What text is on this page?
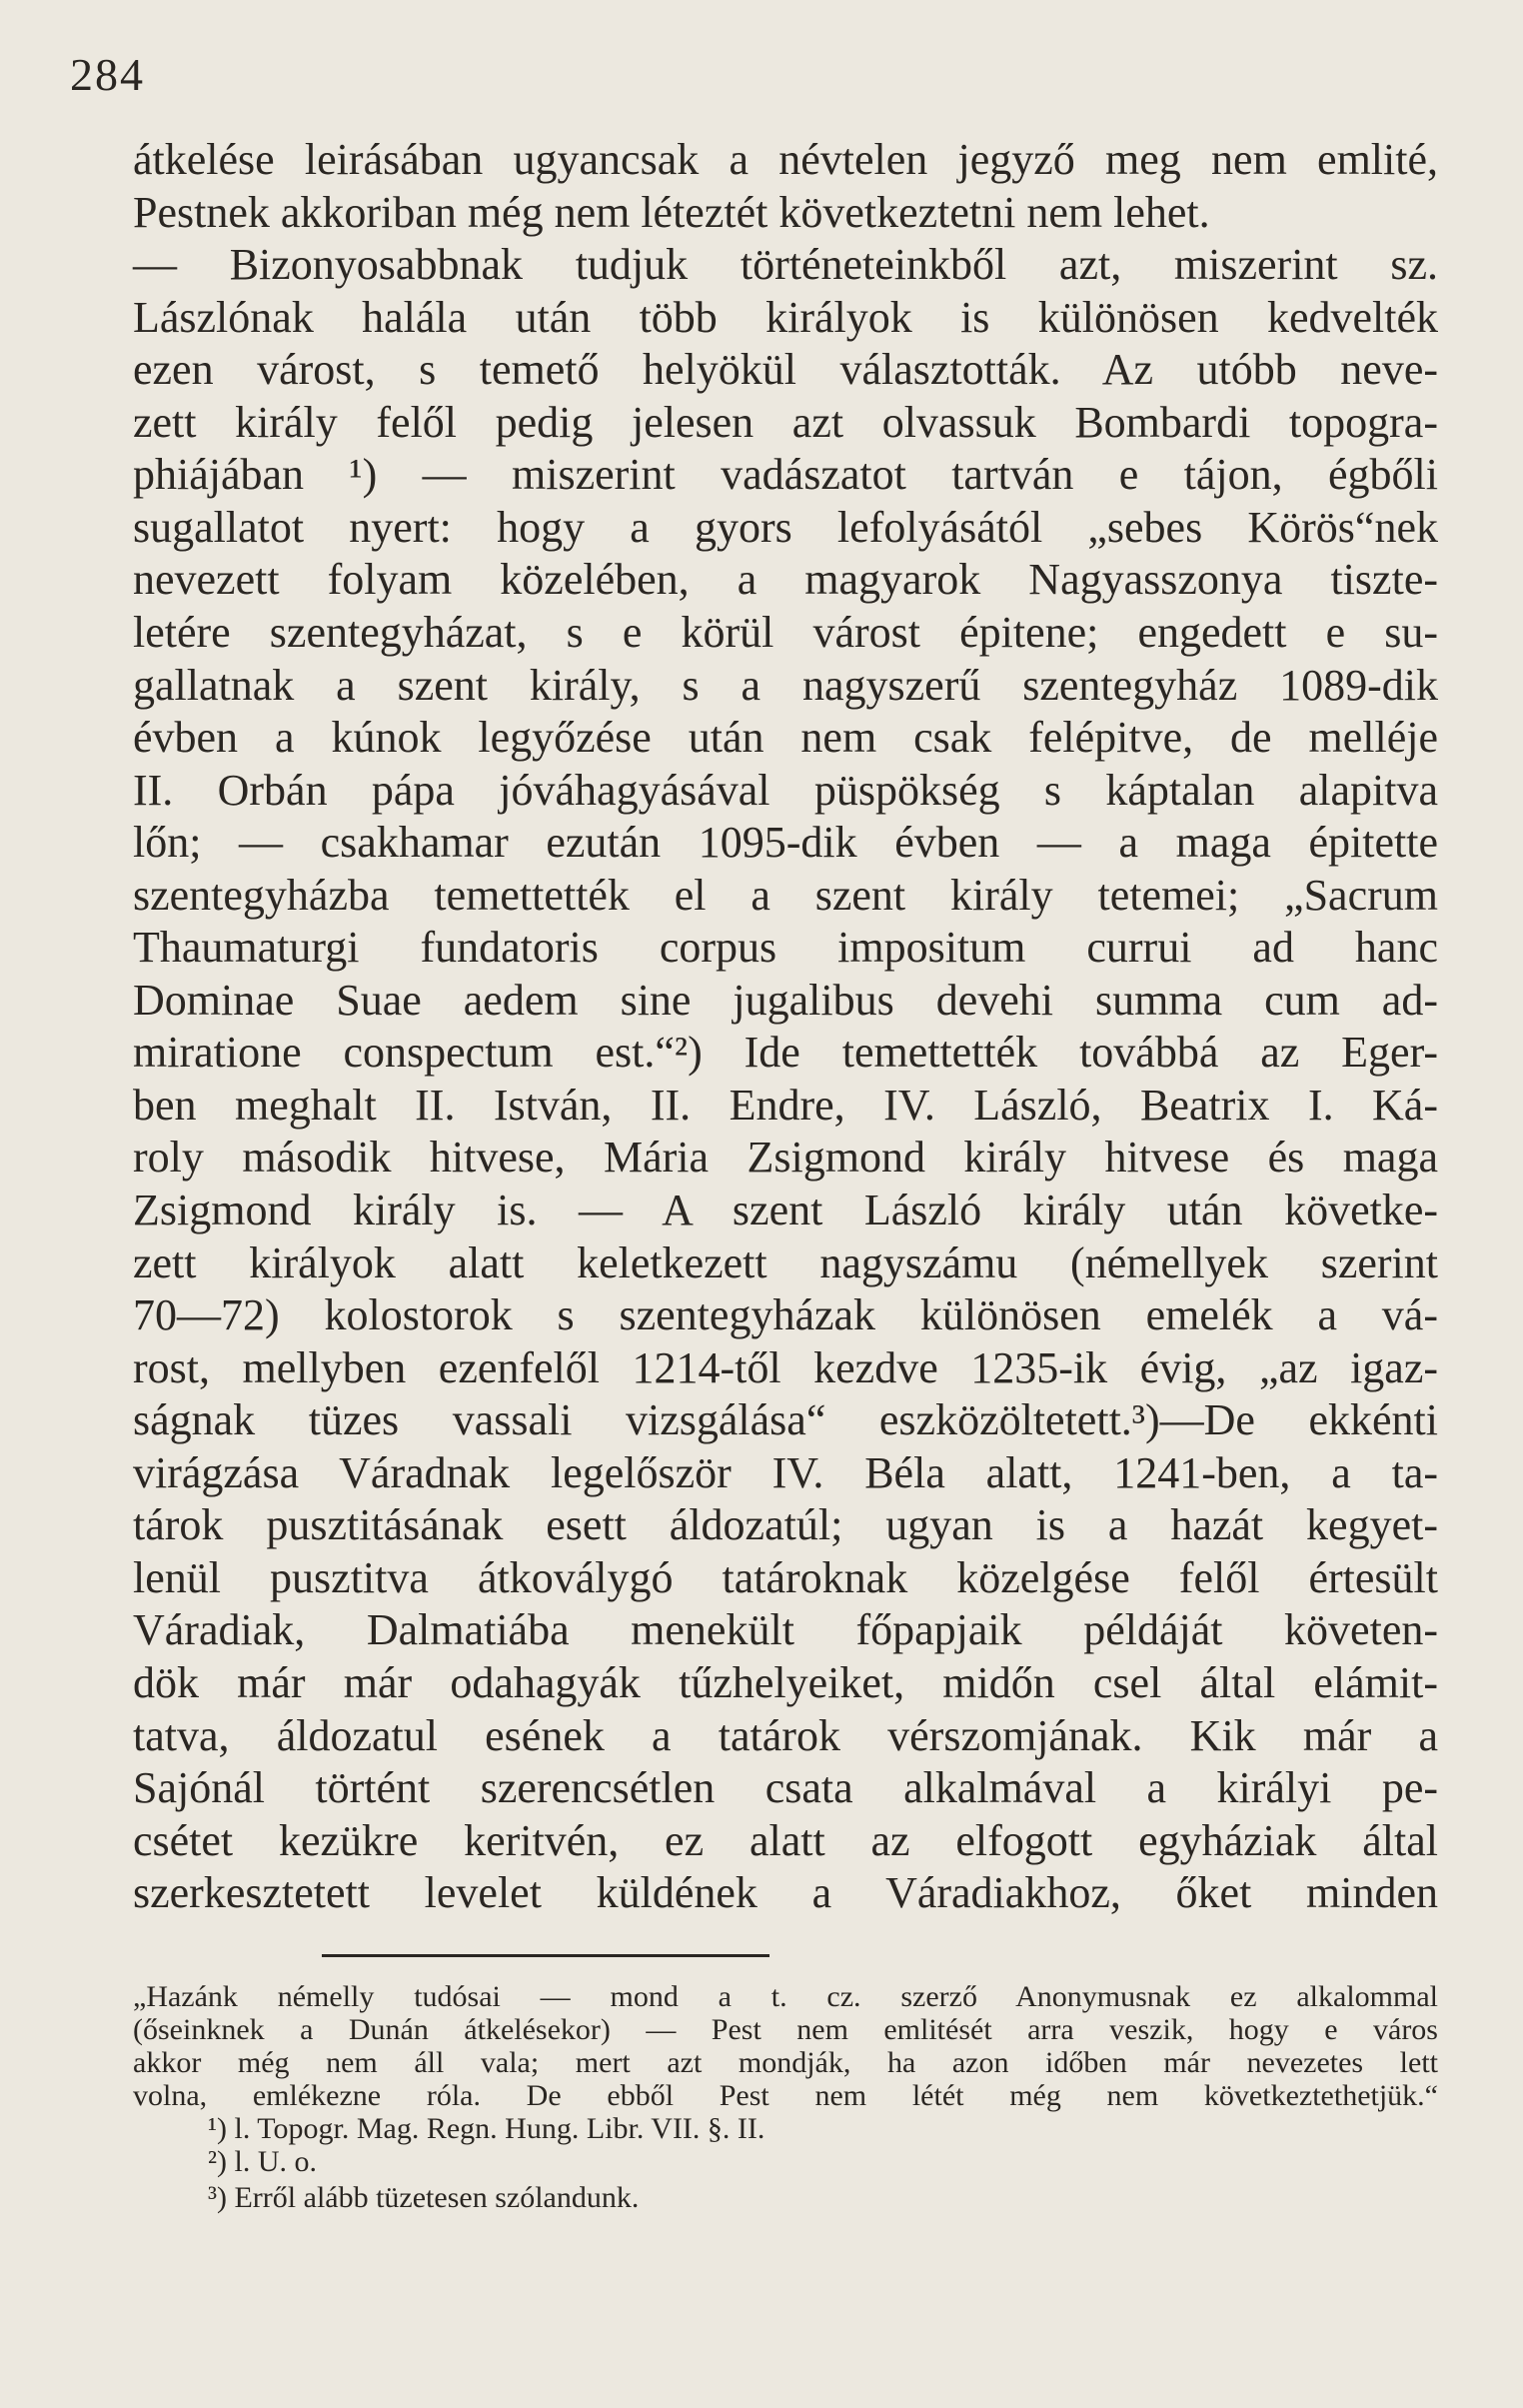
284

átkelése leirásában ugyancsak a névtelen jegyző meg nem emlité,

Pestnek akkoriban még nem léteztét következtetni nem lehet.

— Bizonyosabbnak tudjuk történeteinkből azt, miszerint sz.

Lászlónak halála után több királyok is különösen kedvelték

ezen várost, s temető helyökül választották. Az utóbb neve-

zett király felől pedig jelesen azt olvassuk Bombardi topogra-

phiájában ¹) — miszerint vadászatot tartván e tájon, égbőli

sugallatot nyert: hogy a gyors lefolyásától „sebes Körös“nek

nevezett folyam közelében, a magyarok Nagyasszonya tiszte-

letére szentegyházat, s e körül várost épitene; engedett e su-

gallatnak a szent király, s a nagyszerű szentegyház 1089-dik

évben a kúnok legyőzése után nem csak felépitve, de melléje

II. Orbán pápa jóváhagyásával püspökség s káptalan alapitva

lőn; — csakhamar ezután 1095-dik évben — a maga épitette

szentegyházba temettették el a szent király tetemei; „Sacrum

Thaumaturgi fundatoris corpus impositum currui ad hanc

Dominae Suae aedem sine jugalibus devehi summa cum ad-

miratione conspectum est.“²) Ide temettették továbbá az Eger-

ben meghalt II. István, II. Endre, IV. László, Beatrix I. Ká-

roly második hitvese, Mária Zsigmond király hitvese és maga

Zsigmond király is. — A szent László király után követke-

zett királyok alatt keletkezett nagyszámu (némellyek szerint

70—72) kolostorok s szentegyházak különösen emelék a vá-

rost, mellyben ezenfelől 1214-től kezdve 1235-ik évig, „az igaz-

ságnak tüzes vassali vizsgálása“ eszközöltetett.³)—De ekkénti

virágzása Váradnak legelőször IV. Béla alatt, 1241-ben, a ta-

tárok pusztitásának esett áldozatúl; ugyan is a hazát kegyet-

lenül pusztitva átkoválygó tatároknak közelgése felől értesült

Váradiak, Dalmatiába menekült főpapjaik példáját követen-

dök már már odahagyák tűzhelyeiket, midőn csel által elámit-

tatva, áldozatul esének a tatárok vérszomjának. Kik már a

Sajónál történt szerencsétlen csata alkalmával a királyi pe-

csétet kezükre keritvén, ez alatt az elfogott egyháziak által

szerkesztetett levelet küldének a Váradiakhoz, őket minden

„Hazánk némelly tudósai — mond a t. cz. szerző Anonymusnak ez alkalommal

(őseinknek a Dunán átkelésekor) — Pest nem emlitését arra veszik, hogy e város

akkor még nem áll vala; mert azt mondják, ha azon időben már nevezetes lett

volna, emlékezne róla. De ebből Pest nem létét még nem következtethetjük.“

¹) l. Topogr. Mag. Regn. Hung. Libr. VII. §. II.

²) l. U. o.

³) Erről alább tüzetesen szólandunk.
